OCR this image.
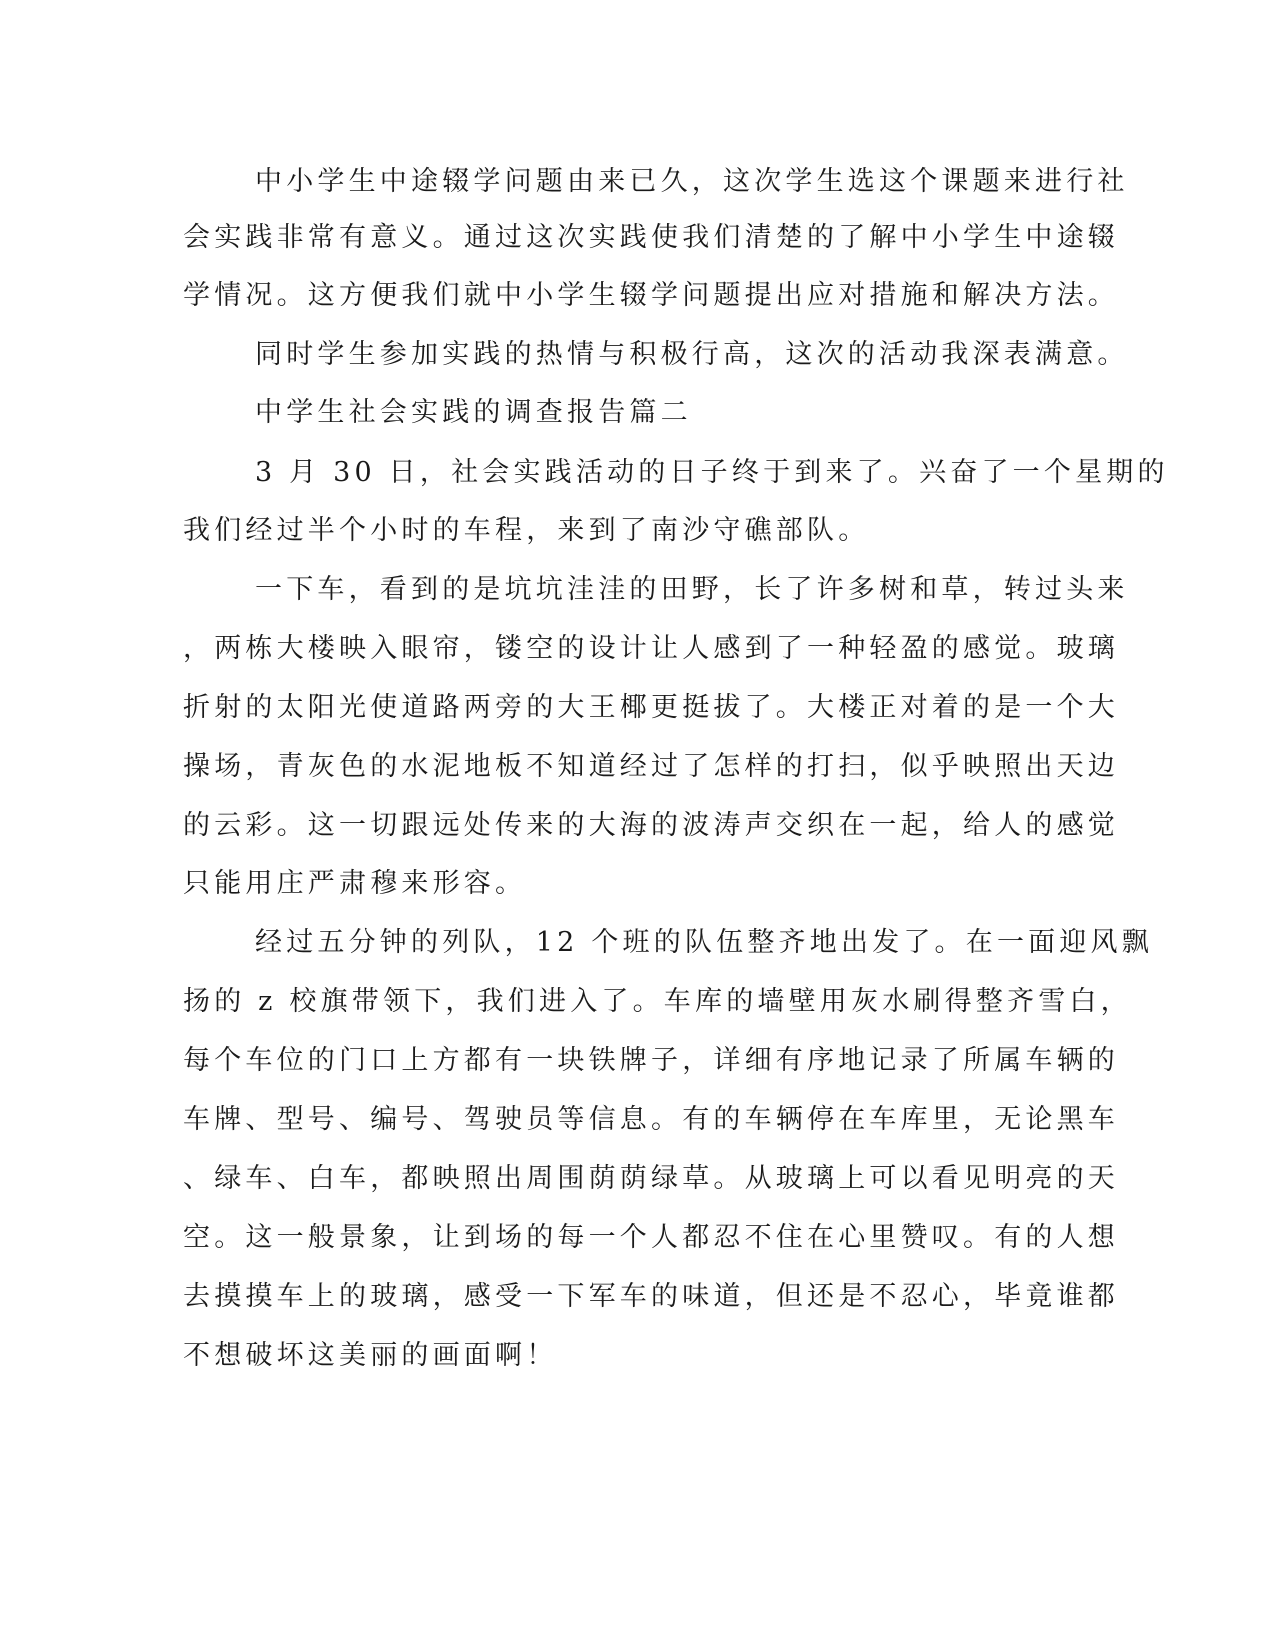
中小学生中途辍学问题由来已久，这次学生选这个课题来进行社
会实践非常有意义。通过这次实践使我们清楚的了解中小学生中途辍
学情况。这方便我们就中小学生辍学问题提出应对措施和解决方法。
同时学生参加实践的热情与积极行高，这次的活动我深表满意。
中学生社会实践的调查报告篇二
3 月 30 日，社会实践活动的日子终于到来了。兴奋了一个星期的
我们经过半个小时的车程，来到了南沙守礁部队。
一下车，看到的是坑坑洼洼的田野，长了许多树和草，转过头来
，两栋大楼映入眼帘，镂空的设计让人感到了一种轻盈的感觉。玻璃
折射的太阳光使道路两旁的大王椰更挺拔了。大楼正对着的是一个大
操场，青灰色的水泥地板不知道经过了怎样的打扫，似乎映照出天边
的云彩。这一切跟远处传来的大海的波涛声交织在一起，给人的感觉
只能用庄严肃穆来形容。
经过五分钟的列队，12 个班的队伍整齐地出发了。在一面迎风飘
扬的 z 校旗带领下，我们进入了。车库的墙壁用灰水刷得整齐雪白，
每个车位的门口上方都有一块铁牌子，详细有序地记录了所属车辆的
车牌、型号、编号、驾驶员等信息。有的车辆停在车库里，无论黑车
、绿车、白车，都映照出周围荫荫绿草。从玻璃上可以看见明亮的天
空。这一般景象，让到场的每一个人都忍不住在心里赞叹。有的人想
去摸摸车上的玻璃，感受一下军车的味道，但还是不忍心，毕竟谁都
不想破坏这美丽的画面啊！
